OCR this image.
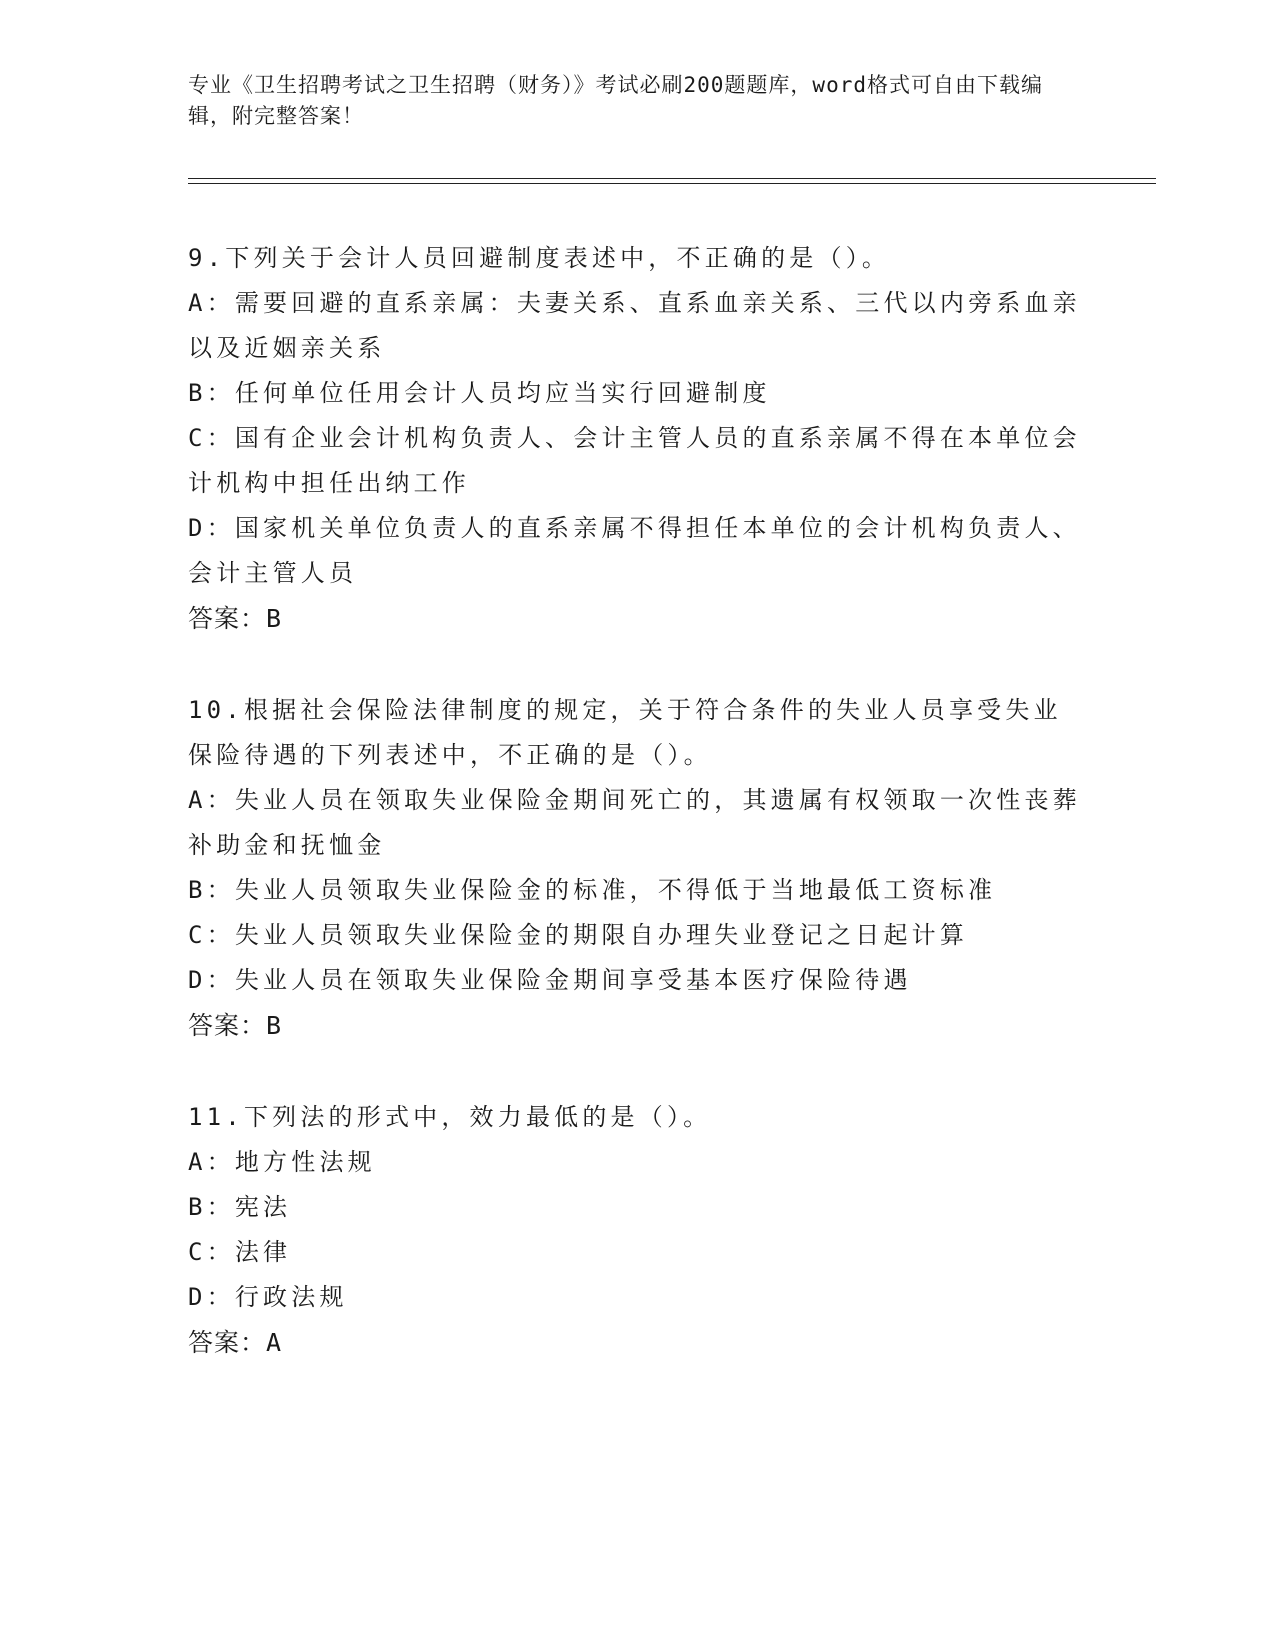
专业《卫生招聘考试之卫生招聘（财务）》考试必刷200题题库，word格式可自由下载编辑，附完整答案！

9.下列关于会计人员回避制度表述中，不正确的是（）。

A：需要回避的直系亲属：夫妻关系、直系血亲关系、三代以内旁系血亲以及近姻亲关系

B：任何单位任用会计人员均应当实行回避制度

C：国有企业会计机构负责人、会计主管人员的直系亲属不得在本单位会计机构中担任出纳工作

D：国家机关单位负责人的直系亲属不得担任本单位的会计机构负责人、会计主管人员

答案：B

10.根据社会保险法律制度的规定，关于符合条件的失业人员享受失业保险待遇的下列表述中，不正确的是（）。

A：失业人员在领取失业保险金期间死亡的，其遗属有权领取一次性丧葬补助金和抚恤金

B：失业人员领取失业保险金的标准，不得低于当地最低工资标准

C：失业人员领取失业保险金的期限自办理失业登记之日起计算

D：失业人员在领取失业保险金期间享受基本医疗保险待遇

答案：B

11.下列法的形式中，效力最低的是（）。

A：地方性法规

B：宪法

C：法律

D：行政法规

答案：A
